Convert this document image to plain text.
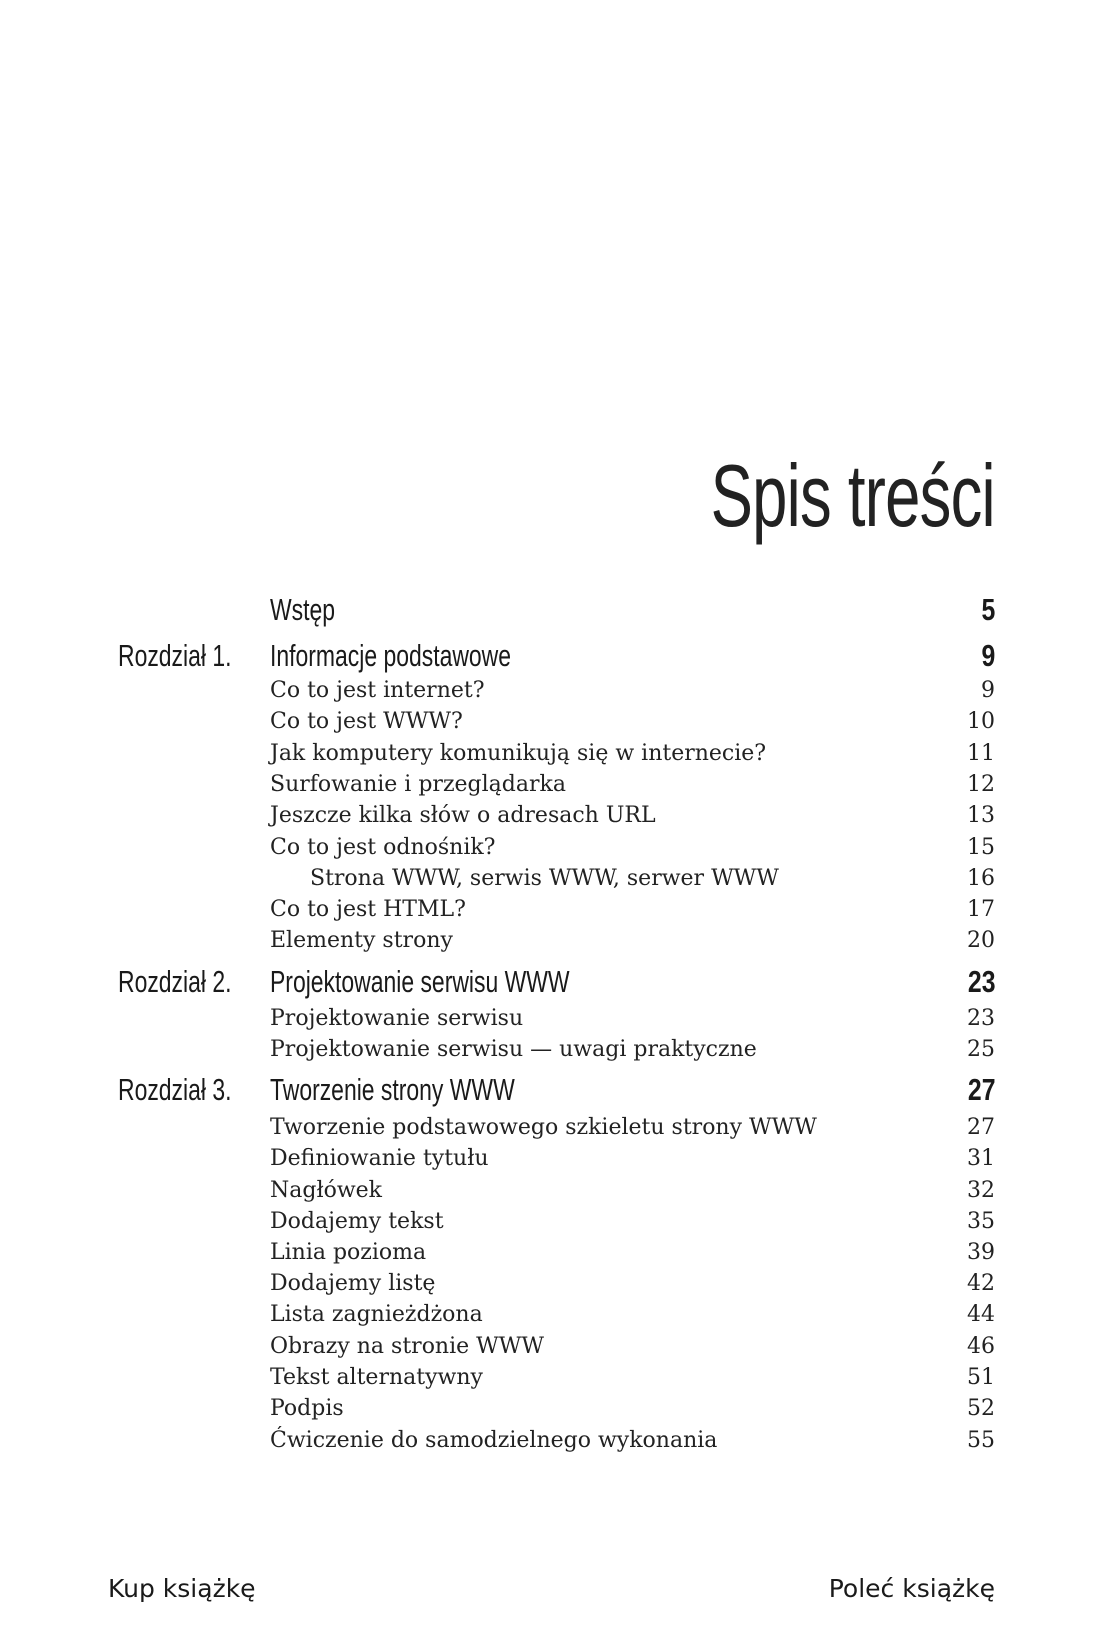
Spis treści
Wstęp	5
Rozdział 1. Informacje podstawowe	9
Co to jest internet?	9
Co to jest WWW?	10
Jak komputery komunikują się w internecie?	11
Surfowanie i przeglądarka	12
Jeszcze kilka słów o adresach URL	13
Co to jest odnośnik?	15
Strona WWW, serwis WWW, serwer WWW	16
Co to jest HTML?	17
Elementy strony	20
Rozdział 2. Projektowanie serwisu WWW	23
Projektowanie serwisu	23
Projektowanie serwisu — uwagi praktyczne	25
Rozdział 3. Tworzenie strony WWW	27
Tworzenie podstawowego szkieletu strony WWW	27
Definiowanie tytułu	31
Nagłówek	32
Dodajemy tekst	35
Linia pozioma	39
Dodajemy listę	42
Lista zagnieżdżona	44
Obrazy na stronie WWW	46
Tekst alternatywny	51
Podpis	52
Ćwiczenie do samodzielnego wykonania	55
Kup książkę	Poleć książkę
